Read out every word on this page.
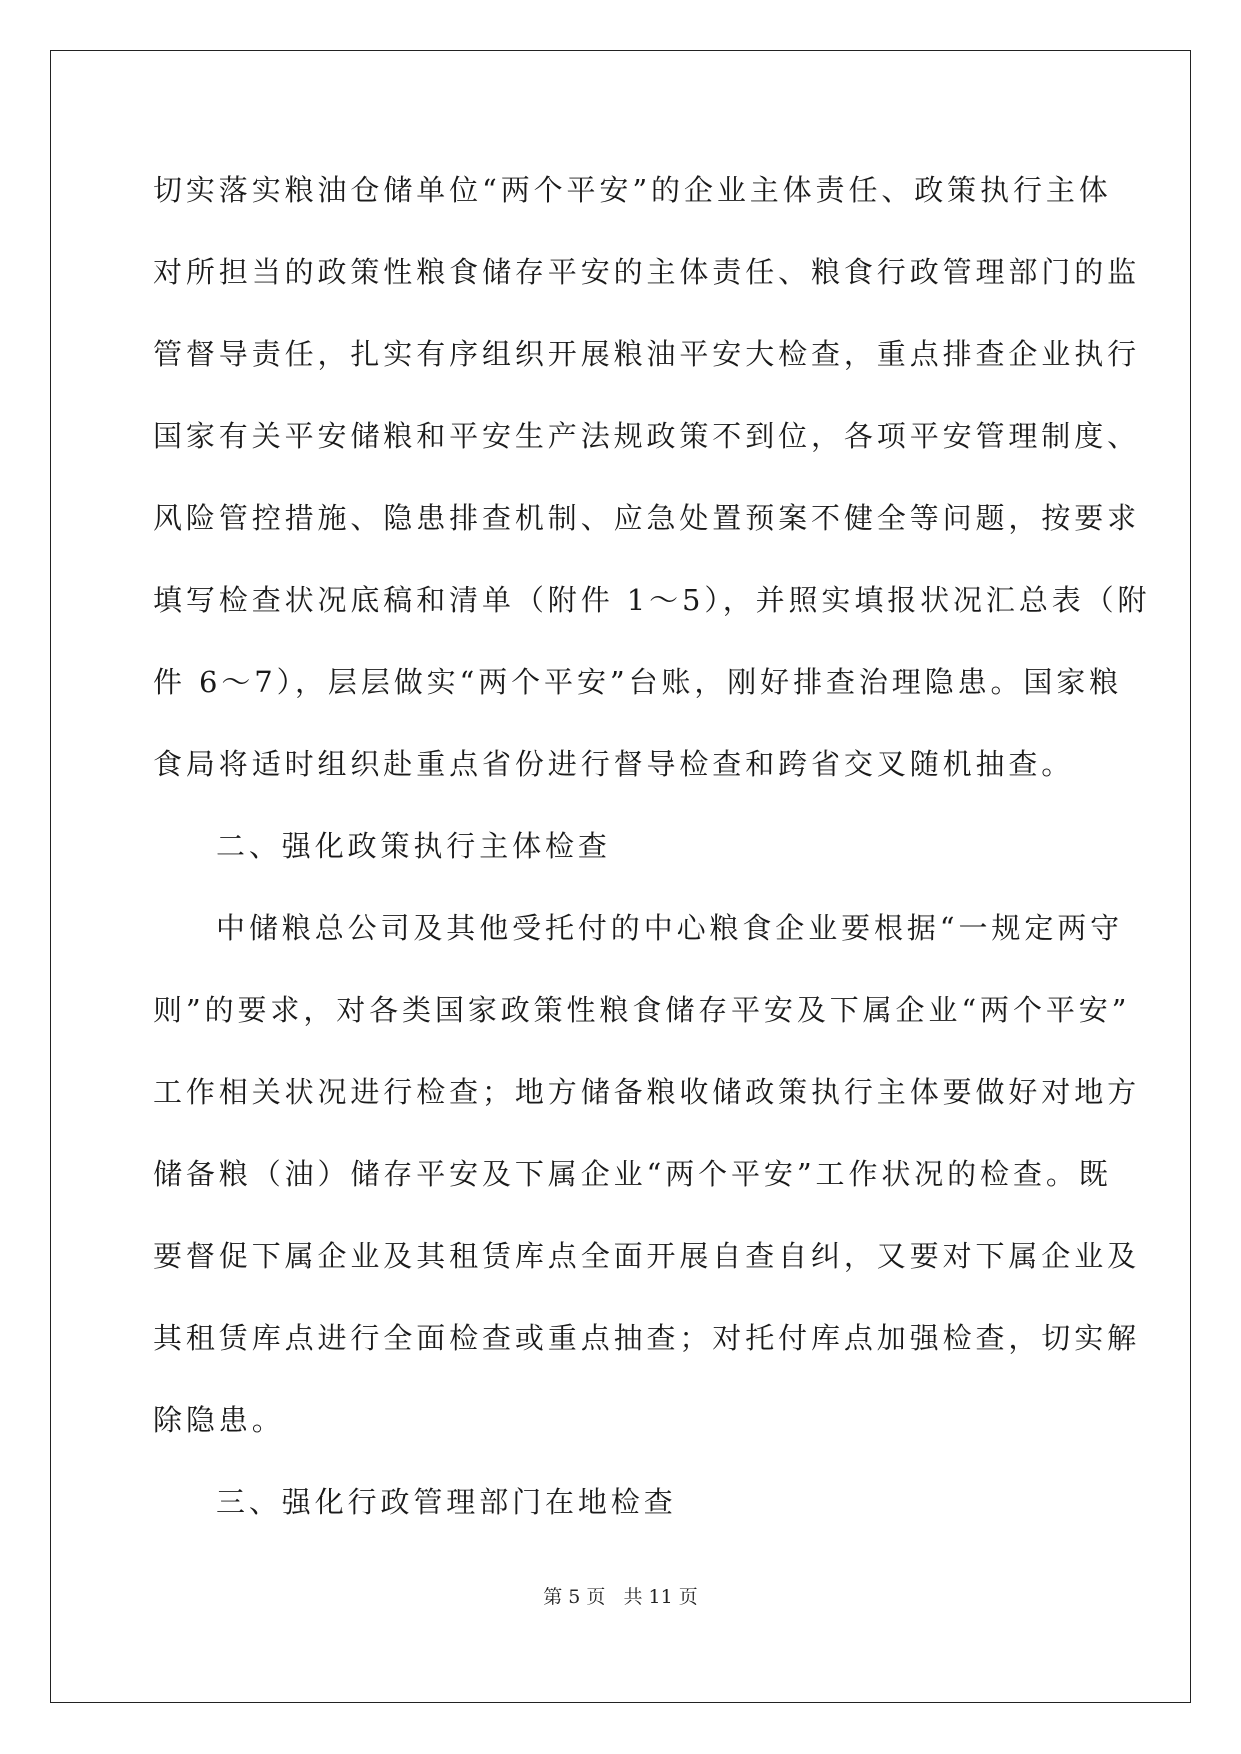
切实落实粮油仓储单位“两个平安”的企业主体责任、政策执行主体
对所担当的政策性粮食储存平安的主体责任、粮食行政管理部门的监
管督导责任，扎实有序组织开展粮油平安大检查，重点排查企业执行
国家有关平安储粮和平安生产法规政策不到位，各项平安管理制度、
风险管控措施、隐患排查机制、应急处置预案不健全等问题，按要求
填写检查状况底稿和清单（附件 1～5），并照实填报状况汇总表（附
件 6～7），层层做实“两个平安”台账，刚好排查治理隐患。国家粮
食局将适时组织赴重点省份进行督导检查和跨省交叉随机抽查。
二、强化政策执行主体检查
中储粮总公司及其他受托付的中心粮食企业要根据“一规定两守
则”的要求，对各类国家政策性粮食储存平安及下属企业“两个平安”
工作相关状况进行检查；地方储备粮收储政策执行主体要做好对地方
储备粮（油）储存平安及下属企业“两个平安”工作状况的检查。既
要督促下属企业及其租赁库点全面开展自查自纠，又要对下属企业及
其租赁库点进行全面检查或重点抽查；对托付库点加强检查，切实解
除隐患。
三、强化行政管理部门在地检查
第 5 页 共 11 页
